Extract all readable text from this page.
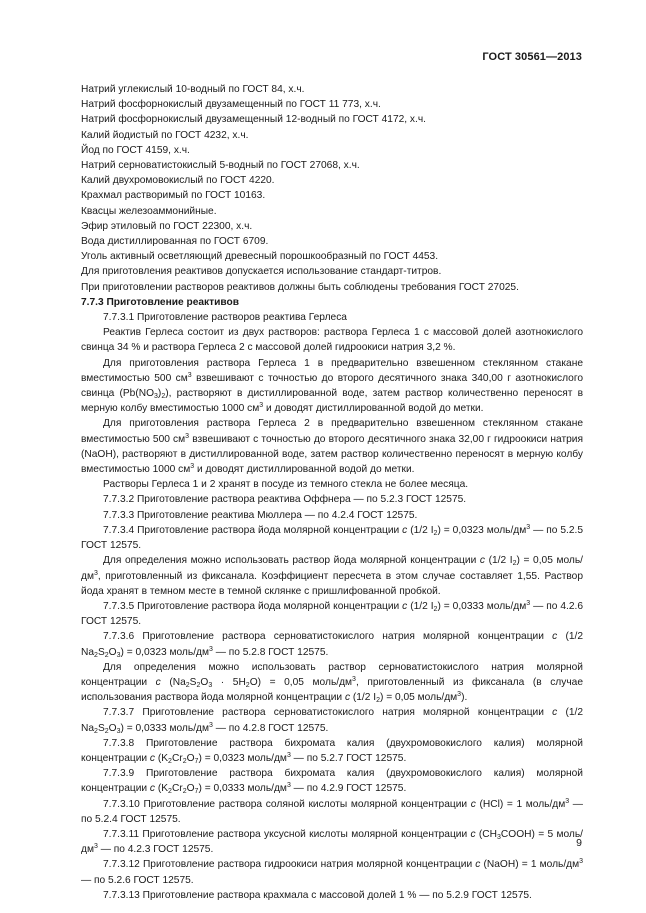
ГОСТ 30561—2013

Натрий углекислый 10-водный по ГОСТ 84, х.ч.

Натрий фосфорнокислый двузамещенный по ГОСТ 11 773, х.ч.

Натрий фосфорнокислый двузамещенный 12-водный по ГОСТ 4172, х.ч.

Калий йодистый по ГОСТ 4232, х.ч.

Йод по ГОСТ 4159, х.ч.

Натрий серноватистокислый 5-водный по ГОСТ 27068, х.ч.

Калий двухромовокислый по ГОСТ 4220.

Крахмал растворимый по ГОСТ 10163.

Квасцы железоаммонийные.

Эфир этиловый по ГОСТ 22300, х.ч.

Вода дистиллированная по ГОСТ 6709.

Уголь активный осветляющий древесный порошкообразный по ГОСТ 4453.

Для приготовления реактивов допускается использование стандарт-титров.

При приготовлении растворов реактивов должны быть соблюдены требования ГОСТ 27025.

7.7.3 Приготовление реактивов

7.7.3.1 Приготовление растворов реактива Герлеса

Реактив Герлеса состоит из двух растворов: раствора Герлеса 1 с массовой долей азотнокислого свинца 34 % и раствора Герлеса 2 с массовой долей гидроокиси натрия 3,2 %.

Для приготовления раствора Герлеса 1 в предварительно взвешенном стеклянном стакане вместимостью 500 $см^3$ взвешивают с точностью до второго десятичного знака 340,00 г азотнокислого свинца $(Pb(NO_3)_2)$, растворяют в дистиллированной воде, затем раствор количественно переносят в мерную колбу вместимостью 1000 $см^3$ и доводят дистиллированной водой до метки.

Для приготовления раствора Герлеса 2 в предварительно взвешенном стеклянном стакане вместимостью 500 $см^3$ взвешивают с точностью до второго десятичного знака 32,00 г гидроокиси натрия (NaOH), растворяют в дистиллированной воде, затем раствор количественно переносят в мерную колбу вместимостью 1000 $см^3$ и доводят дистиллированной водой до метки.

Растворы Герлеса 1 и 2 хранят в посуде из темного стекла не более месяца.

7.7.3.2 Приготовление раствора реактива Оффнера — по 5.2.3 ГОСТ 12575.

7.7.3.3 Приготовление реактива Мюллера — по 4.2.4 ГОСТ 12575.

7.7.3.4 Приготовление раствора йода молярной концентрации c (1/2 $I_2) = 0,0323$ моль/$дм^3$ — по 5.2.5 ГОСТ 12575.

Для определения можно использовать раствор йода молярной концентрации c (1/2 $I_2) = 0,05$ моль/$дм^3$, приготовленный из фиксанала. Коэффициент пересчета в этом случае составляет 1,55. Раствор йода хранят в темном месте в темной склянке с пришлифованной пробкой.

7.7.3.5 Приготовление раствора йода молярной концентрации c (1/2 $I_2) = 0,0333$ моль/$дм^3$ — по 4.2.6 ГОСТ 12575.

7.7.3.6 Приготовление раствора серноватистокислого натрия молярной концентрации c (1/2 $Na_2S_2O_3) = 0,0323$ моль/$дм^3$ — по 5.2.8 ГОСТ 12575.

Для определения можно использовать раствор серноватистокислого натрия молярной концентрации c $(Na_2S_2O_3 \cdot 5H_2O) = 0,05$ моль/$дм^3$, приготовленный из фиксанала (в случае использования раствора йода молярной концентрации c (1/2 $I_2) = 0,05$ моль/$дм^3$).

7.7.3.7 Приготовление раствора серноватистокислого натрия молярной концентрации c (1/2 $Na_2S_2O_3) = 0,0333$ моль/$дм^3$ — по 4.2.8 ГОСТ 12575.

7.7.3.8 Приготовление раствора бихромата калия (двухромовокислого калия) молярной концентрации c $(K_2Cr_2O_7) = 0,0323$ моль/$дм^3$ — по 5.2.7 ГОСТ 12575.

7.7.3.9 Приготовление раствора бихромата калия (двухромовокислого калия) молярной концентрации c $(K_2Cr_2O_7) = 0,0333$ моль/$дм^3$ — по 4.2.9 ГОСТ 12575.

7.7.3.10 Приготовление раствора соляной кислоты молярной концентрации c (HCl) = 1 моль/$дм^3$ — по 5.2.4 ГОСТ 12575.

7.7.3.11 Приготовление раствора уксусной кислоты молярной концентрации c $(CH_3COOH) = 5$ моль/$дм^3$ — по 4.2.3 ГОСТ 12575.

7.7.3.12 Приготовление раствора гидроокиси натрия молярной концентрации c (NaOH) = 1 моль/$дм^3$ — по 5.2.6 ГОСТ 12575.

7.7.3.13 Приготовление раствора крахмала с массовой долей 1 % — по 5.2.9 ГОСТ 12575.

9
